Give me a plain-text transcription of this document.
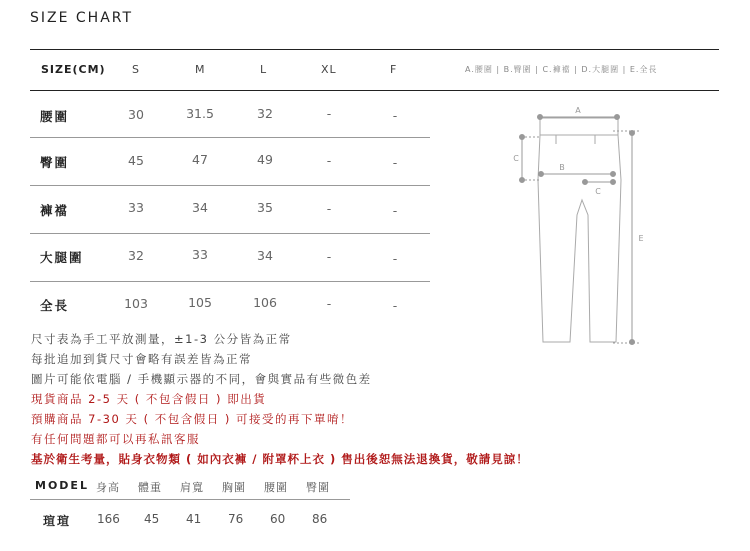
SIZE CHART
SIZE(CM) S	M	L	XL	F	A.腰圍 | B.臀圍 | C.褲襠 | D.大腿圍 | E.全長
腰圍	30	31.5	32	-	-
臀圍	45	47	49	-	-
褲襠	33	34	35	-	-
大腿圍	32	33	34	-	-
全長	103	105	106	-	-
A
B
C
C
E
尺寸表為手工平放測量，±1-3 公分皆為正常
每批追加到貨尺寸會略有誤差皆為正常
圖片可能依電腦 / 手機顯示器的不同，會與實品有些微色差
現貨商品 2-5 天 ( 不包含假日 ) 即出貨
預購商品 7-30 天 ( 不包含假日 ) 可接受的再下單唷！
有任何問題都可以再私訊客服
基於衛生考量，貼身衣物類 ( 如內衣褲 / 附罩杯上衣 ) 售出後恕無法退換貨，敬請見諒！
MODEL 身高 體重 肩寬 胸圍 腰圍 臀圍
瑄瑄 166 45 41 76 60 86
